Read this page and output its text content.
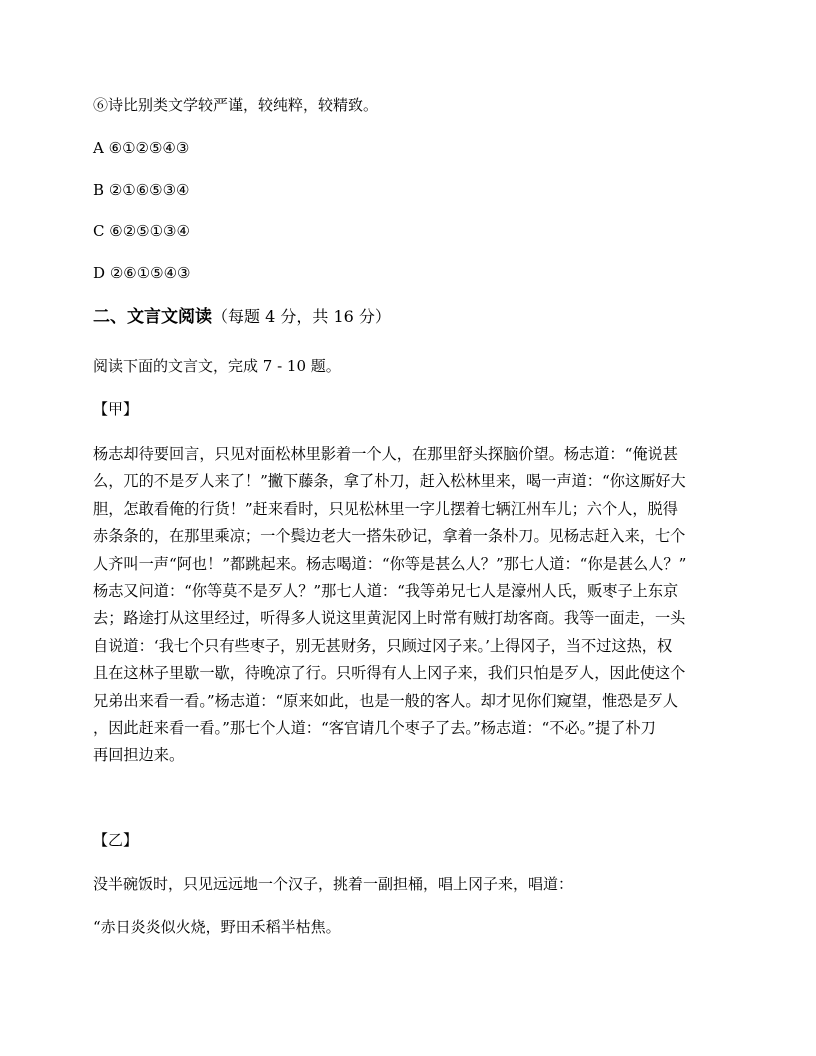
⑥诗比别类文学较严谨，较纯粹，较精致。
A ⑥①②⑤④③
B ②①⑥⑤③④
C ⑥②⑤①③④
D ②⑥①⑤④③
二、文言文阅读（每题 4 分，共 16 分）
阅读下面的文言文，完成 7 - 10 题。
【甲】
杨志却待要回言，只见对面松林里影着一个人，在那里舒头探脑价望。杨志道：“俺说甚
么，兀的不是歹人来了！”撇下藤条，拿了朴刀，赶入松林里来，喝一声道：“你这厮好大
胆，怎敢看俺的行货！”赶来看时，只见松林里一字儿摆着七辆江州车儿；六个人，脱得
赤条条的，在那里乘凉；一个鬓边老大一搭朱砂记，拿着一条朴刀。见杨志赶入来，七个
人齐叫一声“阿也！”都跳起来。杨志喝道：“你等是甚么人？”那七人道：“你是甚么人？”
杨志又问道：“你等莫不是歹人？”那七人道：“我等弟兄七人是濠州人氏，贩枣子上东京
去；路途打从这里经过，听得多人说这里黄泥冈上时常有贼打劫客商。我等一面走，一头
自说道：‘我七个只有些枣子，别无甚财务，只顾过冈子来。’上得冈子，当不过这热，权
且在这林子里歇一歇，待晚凉了行。只听得有人上冈子来，我们只怕是歹人，因此使这个
兄弟出来看一看。”杨志道：“原来如此，也是一般的客人。却才见你们窥望，惟恐是歹人
，因此赶来看一看。”那七个人道：“客官请几个枣子了去。”杨志道：“不必。”提了朴刀
再回担边来。
【乙】
没半碗饭时，只见远远地一个汉子，挑着一副担桶，唱上冈子来，唱道：
“赤日炎炎似火烧，野田禾稻半枯焦。
